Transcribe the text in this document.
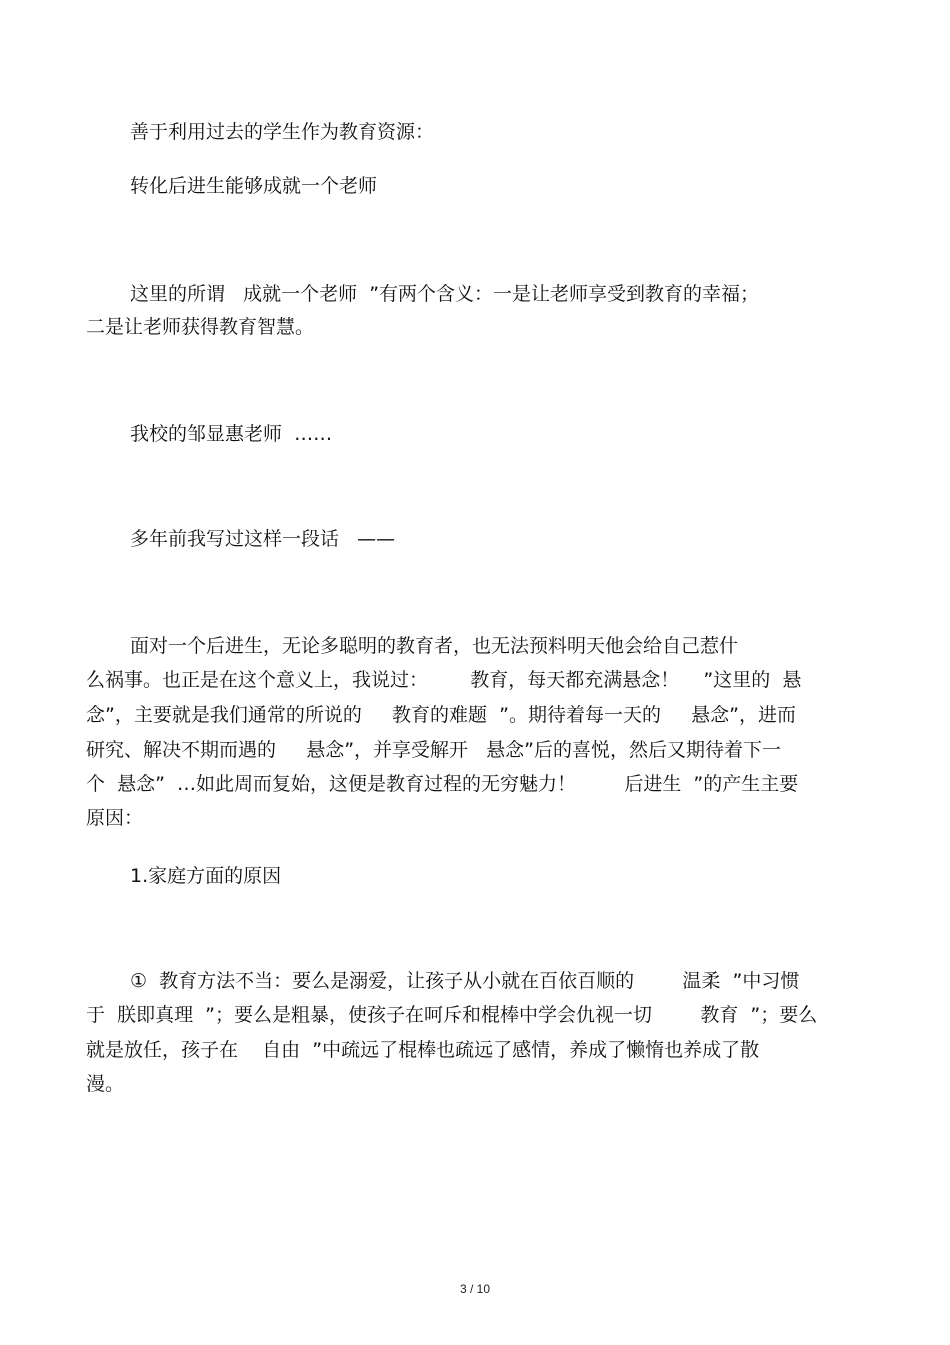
善于利用过去的学生作为教育资源：
转化后进生能够成就一个老师
这里的所谓   成就一个老师  ”有两个含义：一是让老师享受到教育的幸福；
二是让老师获得教育智慧。
我校的邹显惠老师  ……
多年前我写过这样一段话   ——
面对一个后进生，无论多聪明的教育者，也无法预料明天他会给自己惹什
么祸事。也正是在这个意义上，我说过：       教育，每天都充满悬念！    ”这里的  悬
念”，主要就是我们通常的所说的     教育的难题  ”。期待着每一天的     悬念”，进而
研究、解决不期而遇的     悬念”，并享受解开   悬念”后的喜悦，然后又期待着下一
个  悬念”  …如此周而复始，这便是教育过程的无穷魅力！        后进生  ”的产生主要
原因：
1.家庭方面的原因
①  教育方法不当：要么是溺爱，让孩子从小就在百依百顺的        温柔  ”中习惯
于  朕即真理  ”；要么是粗暴，使孩子在呵斥和棍棒中学会仇视一切        教育  ”；要么
就是放任，孩子在    自由  ”中疏远了棍棒也疏远了感情，养成了懒惰也养成了散
漫。
3 / 10
